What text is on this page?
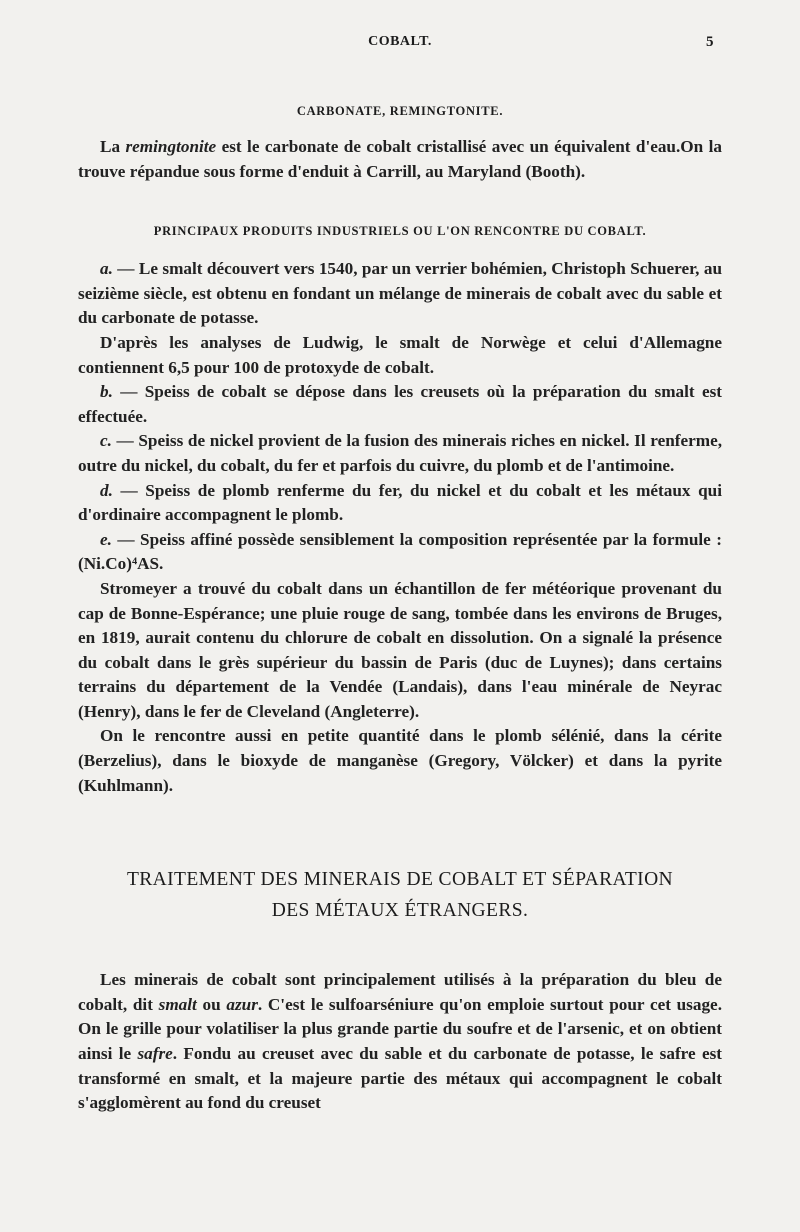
COBALT.	5
CARBONATE, REMINGTONITE.

La remingtonite est le carbonate de cobalt cristallisé avec un équivalent d'eau.On la trouve répandue sous forme d'enduit à Carrill, au Maryland (Booth).

PRINCIPAUX PRODUITS INDUSTRIELS OU L'ON RENCONTRE DU COBALT.

a. — Le smalt découvert vers 1540, par un verrier bohémien, Christoph Schuerer, au seizième siècle, est obtenu en fondant un mélange de minerais de cobalt avec du sable et du carbonate de potasse.

D'après les analyses de Ludwig, le smalt de Norwège et celui d'Allemagne contiennent 6,5 pour 100 de protoxyde de cobalt.

b. — Speiss de cobalt se dépose dans les creusets où la préparation du smalt est effectuée.

c. — Speiss de nickel provient de la fusion des minerais riches en nickel. Il renferme, outre du nickel, du cobalt, du fer et parfois du cuivre, du plomb et de l'antimoine.

d. — Speiss de plomb renferme du fer, du nickel et du cobalt et les métaux qui d'ordinaire accompagnent le plomb.

e. — Speiss affiné possède sensiblement la composition représentée par la formule : (Ni.Co)⁴AS.

Stromeyer a trouvé du cobalt dans un échantillon de fer météorique provenant du cap de Bonne-Espérance; une pluie rouge de sang, tombée dans les environs de Bruges, en 1819, aurait contenu du chlorure de cobalt en dissolution. On a signalé la présence du cobalt dans le grès supérieur du bassin de Paris (duc de Luynes); dans certains terrains du département de la Vendée (Landais), dans l'eau minérale de Neyrac (Henry), dans le fer de Cleveland (Angleterre).

On le rencontre aussi en petite quantité dans le plomb sélénié, dans la cérite (Berzelius), dans le bioxyde de manganèse (Gregory, Völcker) et dans la pyrite (Kuhlmann).

TRAITEMENT DES MINERAIS DE COBALT ET SÉPARATION
DES MÉTAUX ÉTRANGERS.

Les minerais de cobalt sont principalement utilisés à la préparation du bleu de cobalt, dit smalt ou azur. C'est le sulfoarséniure qu'on emploie surtout pour cet usage. On le grille pour volatiliser la plus grande partie du soufre et de l'arsenic, et on obtient ainsi le safre. Fondu au creuset avec du sable et du carbonate de potasse, le safre est transformé en smalt, et la majeure partie des métaux qui accompagnent le cobalt s'agglomèrent au fond du creuset
